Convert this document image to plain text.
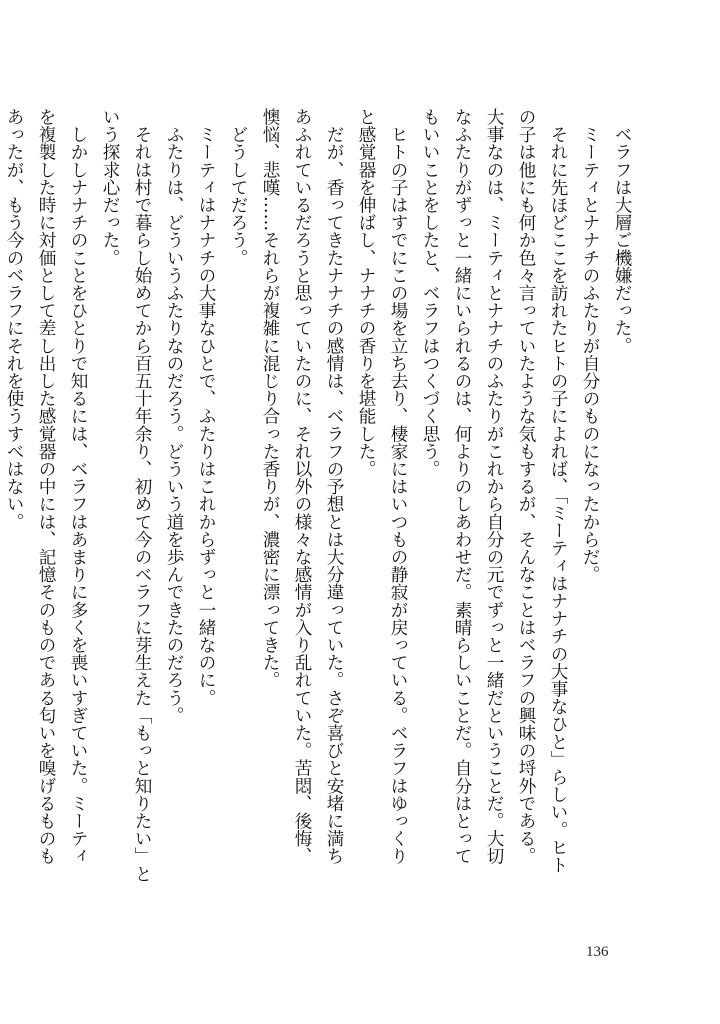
　ベラフは大層ご機嫌だった。
　ミーティとナナチのふたりが自分のものになったからだ。
　それに先ほどここを訪れたヒトの子によれば、「ミーティはナナチの大事なひと」らしい。ヒト
の子は他にも何か色々言っていたような気もするが、そんなことはベラフの興味の埒外である。
大事なのは、ミーティとナナチのふたりがこれから自分の元でずっと一緒だということだ。大切
なふたりがずっと一緒にいられるのは、何よりのしあわせだ。素晴らしいことだ。自分はとって
もいいことをしたと、ベラフはつくづく思う。
　ヒトの子はすでにこの場を立ち去り、棲家にはいつもの静寂が戻っている。ベラフはゆっくり
と感覚器を伸ばし、ナナチの香りを堪能した。
　だが、香ってきたナナチの感情は、ベラフの予想とは大分違っていた。さぞ喜びと安堵に満ち
あふれているだろうと思っていたのに、それ以外の様々な感情が入り乱れていた。苦悶、後悔、
懊悩、悲嘆……それらが複雑に混じり合った香りが、濃密に漂ってきた。
　どうしてだろう。
　ミーティはナナチの大事なひとで、ふたりはこれからずっと一緒なのに。
　ふたりは、どういうふたりなのだろう。どういう道を歩んできたのだろう。
　それは村で暮らし始めてから百五十年余り、初めて今のベラフに芽生えた「もっと知りたい」と
いう探求心だった。
　しかしナナチのことをひとりで知るには、ベラフはあまりに多くを喪いすぎていた。ミーティ
を複製した時に対価として差し出した感覚器の中には、記憶そのものである匂いを嗅げるものも
あったが、もう今のベラフにそれを使うすべはない。
136
